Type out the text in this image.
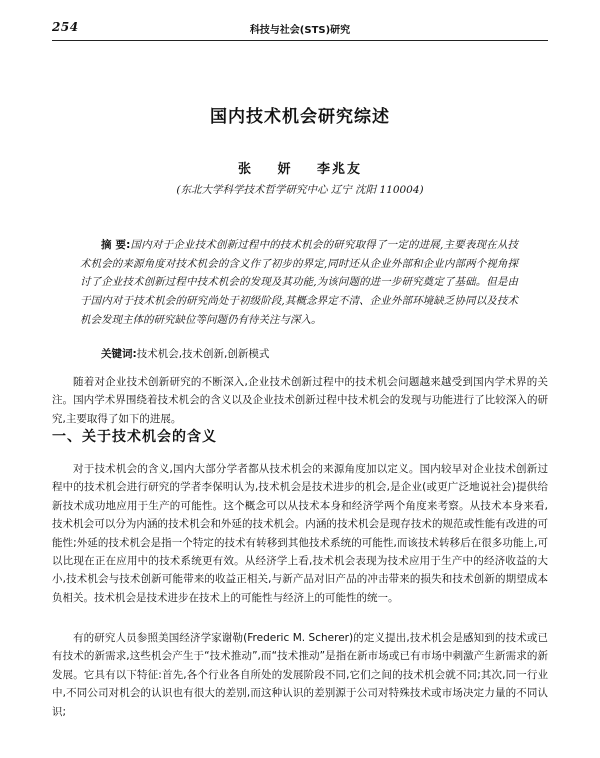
254	科技与社会(STS)研究
国内技术机会研究综述
张 妍 李兆友
(东北大学科学技术哲学研究中心 辽宁 沈阳 110004)

摘 要:国内对于企业技术创新过程中的技术机会的研究取得了一定的进展,主要表现在从技术机会的来源角度对技术机会的含义作了初步的界定,同时还从企业外部和企业内部两个视角探讨了企业技术创新过程中技术机会的发现及其功能,为该问题的进一步研究奠定了基础。但是由于国内对于技术机会的研究尚处于初级阶段,其概念界定不清、企业外部环境缺乏协同以及技术机会发现主体的研究缺位等问题仍有待关注与深入。

关键词:技术机会,技术创新,创新模式

随着对企业技术创新研究的不断深入,企业技术创新过程中的技术机会问题越来越受到国内学术界的关注。国内学术界围绕着技术机会的含义以及企业技术创新过程中技术机会的发现与功能进行了比较深入的研究,主要取得了如下的进展。

一、关于技术机会的含义

对于技术机会的含义,国内大部分学者都从技术机会的来源角度加以定义。国内较早对企业技术创新过程中的技术机会进行研究的学者李保明认为,技术机会是技术进步的机会,是企业(或更广泛地说社会)提供给新技术成功地应用于生产的可能性。这个概念可以从技术本身和经济学两个角度来考察。从技术本身来看,技术机会可以分为内涵的技术机会和外延的技术机会。内涵的技术机会是现存技术的规范或性能有改进的可能性;外延的技术机会是指一个特定的技术有转移到其他技术系统的可能性,而该技术转移后在很多功能上,可以比现在正在应用中的技术系统更有效。从经济学上看,技术机会表现为技术应用于生产中的经济收益的大小,技术机会与技术创新可能带来的收益正相关,与新产品对旧产品的冲击带来的损失和技术创新的期望成本负相关。技术机会是技术进步在技术上的可能性与经济上的可能性的统一。

有的研究人员参照美国经济学家谢勒(Frederic M. Scherer)的定义提出,技术机会是感知到的技术或已有技术的新需求,这些机会产生于“技术推动”,而“技术推动”是指在新市场或已有市场中刺激产生新需求的新发展。它具有以下特征:首先,各个行业各自所处的发展阶段不同,它们之间的技术机会就不同;其次,同一行业中,不同公司对机会的认识也有很大的差别,而这种认识的差别源于公司对特殊技术或市场决定力量的不同认识;
